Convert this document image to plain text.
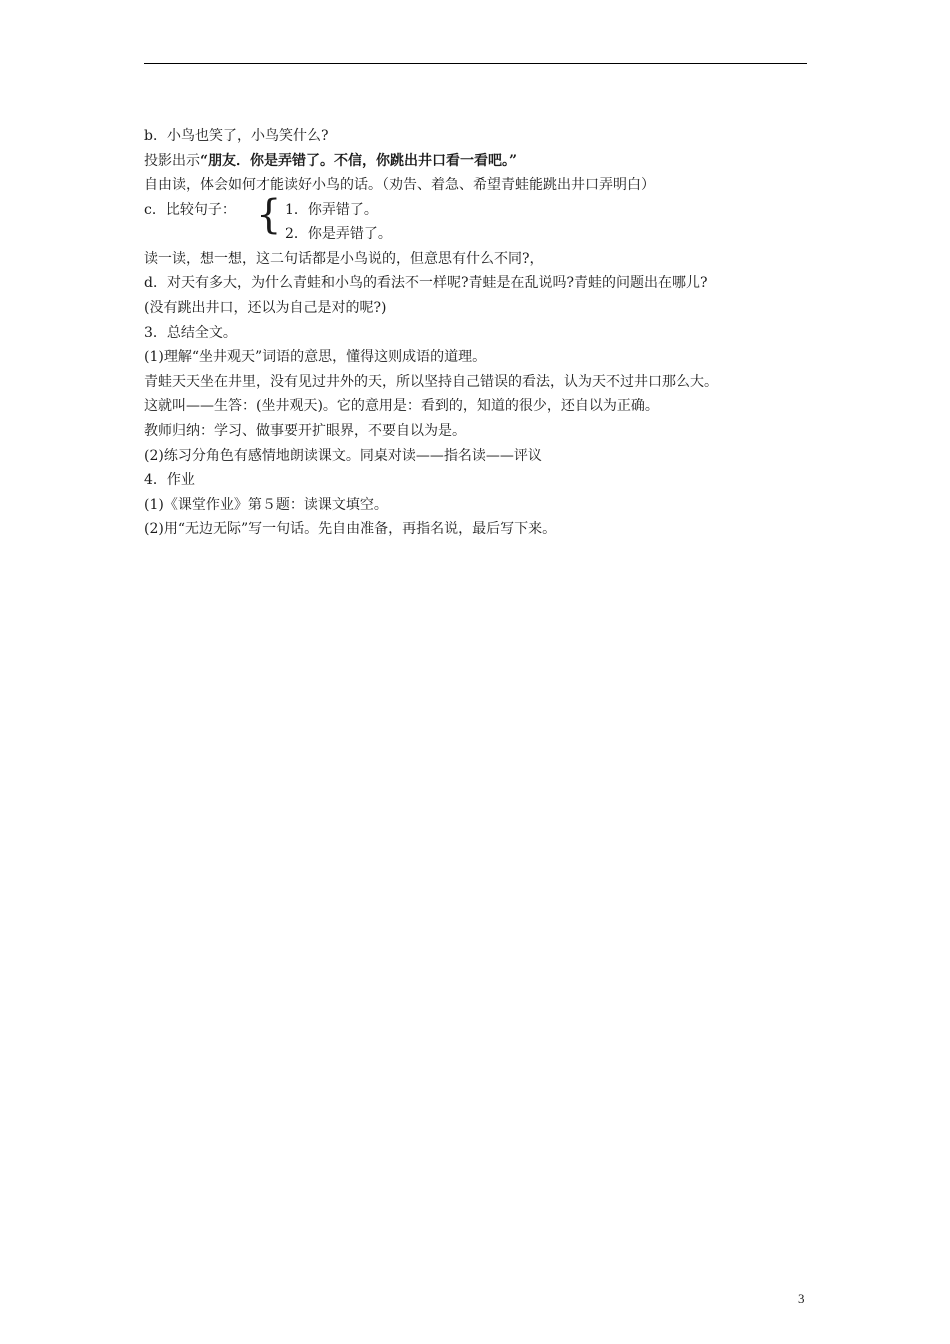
b．小鸟也笑了，小鸟笑什么?
投影出示“朋友．你是弄错了。不信，你跳出井口看一看吧。”
自由读，体会如何才能读好小鸟的话。（劝告、着急、希望青蛙能跳出井口弄明白）
c．比较句子： { 1．你弄错了。
2．你是弄错了。
读一读，想一想，这二句话都是小鸟说的，但意思有什么不同?，
d．对天有多大，为什么青蛙和小鸟的看法不一样呢?青蛙是在乱说吗?青蛙的问题出在哪儿?
(没有跳出井口，还以为自己是对的呢?)
3．总结全文。
(1)理解“坐井观天”词语的意思，懂得这则成语的道理。
青蛙天天坐在井里，没有见过井外的天，所以坚持自己错误的看法，认为天不过井口那么大。
这就叫——生答：(坐井观天)。它的意用是：看到的，知道的很少，还自以为正确。
教师归纳：学习、做事要开扩眼界，不要自以为是。
(2)练习分角色有感情地朗读课文。同桌对读——指名读——评议
4．作业
(1)《课堂作业》第５题：读课文填空。
(2)用“无边无际”写一句话。先自由准备，再指名说，最后写下来。
3
